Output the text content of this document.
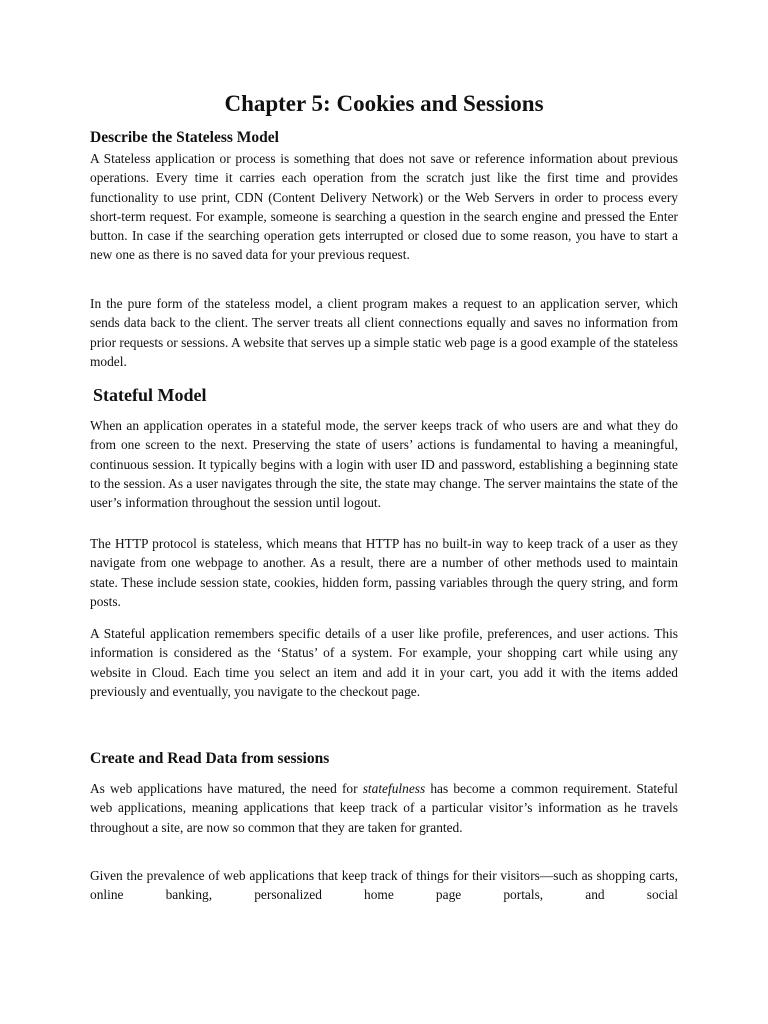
Chapter 5: Cookies and Sessions
Describe the Stateless Model

A Stateless application or process is something that does not save or reference information about previous operations. Every time it carries each operation from the scratch just like the first time and provides functionality to use print, CDN (Content Delivery Network) or the Web Servers in order to process every short-term request. For example, someone is searching a question in the search engine and pressed the Enter button. In case if the searching operation gets interrupted or closed due to some reason, you have to start a new one as there is no saved data for your previous request.

In the pure form of the stateless model, a client program makes a request to an application server, which sends data back to the client. The server treats all client connections equally and saves no information from prior requests or sessions. A website that serves up a simple static web page is a good example of the stateless model.

Stateful Model

When an application operates in a stateful mode, the server keeps track of who users are and what they do from one screen to the next. Preserving the state of users’ actions is fundamental to having a meaningful, continuous session. It typically begins with a login with user ID and password, establishing a beginning state to the session. As a user navigates through the site, the state may change. The server maintains the state of the user’s information throughout the session until logout.

The HTTP protocol is stateless, which means that HTTP has no built-in way to keep track of a user as they navigate from one webpage to another. As a result, there are a number of other methods used to maintain state. These include session state, cookies, hidden form, passing variables through the query string, and form posts.

A Stateful application remembers specific details of a user like profile, preferences, and user actions. This information is considered as the ‘Status’ of a system. For example, your shopping cart while using any website in Cloud. Each time you select an item and add it in your cart, you add it with the items added previously and eventually, you navigate to the checkout page.

Create and Read Data from sessions

As web applications have matured, the need for statefulness has become a common requirement. Stateful web applications, meaning applications that keep track of a particular visitor’s information as he travels throughout a site, are now so common that they are taken for granted.

Given the prevalence of web applications that keep track of things for their visitors—such as shopping carts, online banking, personalized home page portals, and social
